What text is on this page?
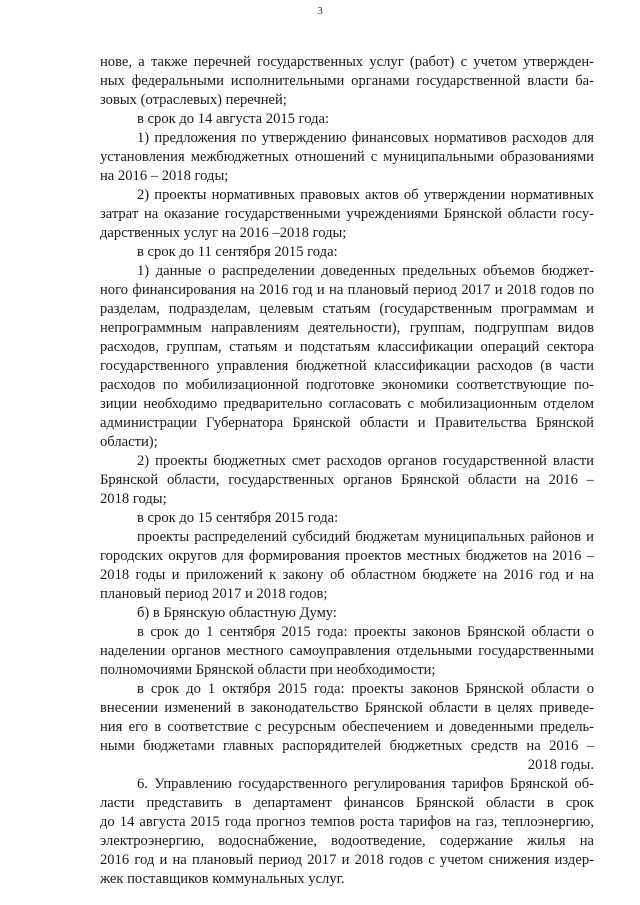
3
нове, а также перечней государственных услуг (работ) с учетом утвержден-
ных федеральными исполнительными органами государственной власти ба-
зовых (отраслевых) перечней;
в срок до 14 августа 2015 года:
1) предложения по утверждению финансовых нормативов расходов для
установления межбюджетных отношений с муниципальными образованиями
на 2016 – 2018 годы;
2) проекты нормативных правовых актов об утверждении нормативных
затрат на оказание государственными учреждениями Брянской области госу-
дарственных услуг на 2016 –2018 годы;
в срок до 11 сентября 2015 года:
1) данные о распределении доведенных предельных объемов бюджет-
ного финансирования на 2016 год и на плановый период 2017 и 2018 годов по
разделам, подразделам, целевым статьям (государственным программам и
непрограммным направлениям деятельности), группам, подгруппам видов
расходов, группам, статьям и подстатьям классификации операций сектора
государственного управления бюджетной классификации расходов (в части
расходов по мобилизационной подготовке экономики соответствующие по-
зиции необходимо предварительно согласовать с мобилизационным отделом
администрации Губернатора Брянской области и Правительства Брянской
области);
2) проекты бюджетных смет расходов органов государственной власти
Брянской области, государственных органов Брянской области на 2016 –
2018 годы;
в срок до 15 сентября 2015 года:
проекты распределений субсидий бюджетам муниципальных районов и
городских округов для формирования проектов местных бюджетов на 2016 –
2018 годы и приложений к закону об областном бюджете на 2016 год и на
плановый период 2017 и 2018 годов;
б) в Брянскую областную Думу:
в срок до 1 сентября 2015 года: проекты законов Брянской области о
наделении органов местного самоуправления отдельными государственными
полномочиями Брянской области при необходимости;
в срок до 1 октября 2015 года: проекты законов Брянской области о
внесении изменений в законодательство Брянской области в целях приведе-
ния его в соответствие с ресурсным обеспечением и доведенными предель-
ными бюджетами главных распорядителей бюджетных средств на 2016 –
2018 годы.
6. Управлению государственного регулирования тарифов Брянской об-
ласти представить в департамент финансов Брянской области в срок
до 14 августа 2015 года прогноз темпов роста тарифов на газ, теплоэнергию,
электроэнергию, водоснабжение, водоотведение, содержание жилья на
2016 год и на плановый период 2017 и 2018 годов с учетом снижения издер-
жек поставщиков коммунальных услуг.
